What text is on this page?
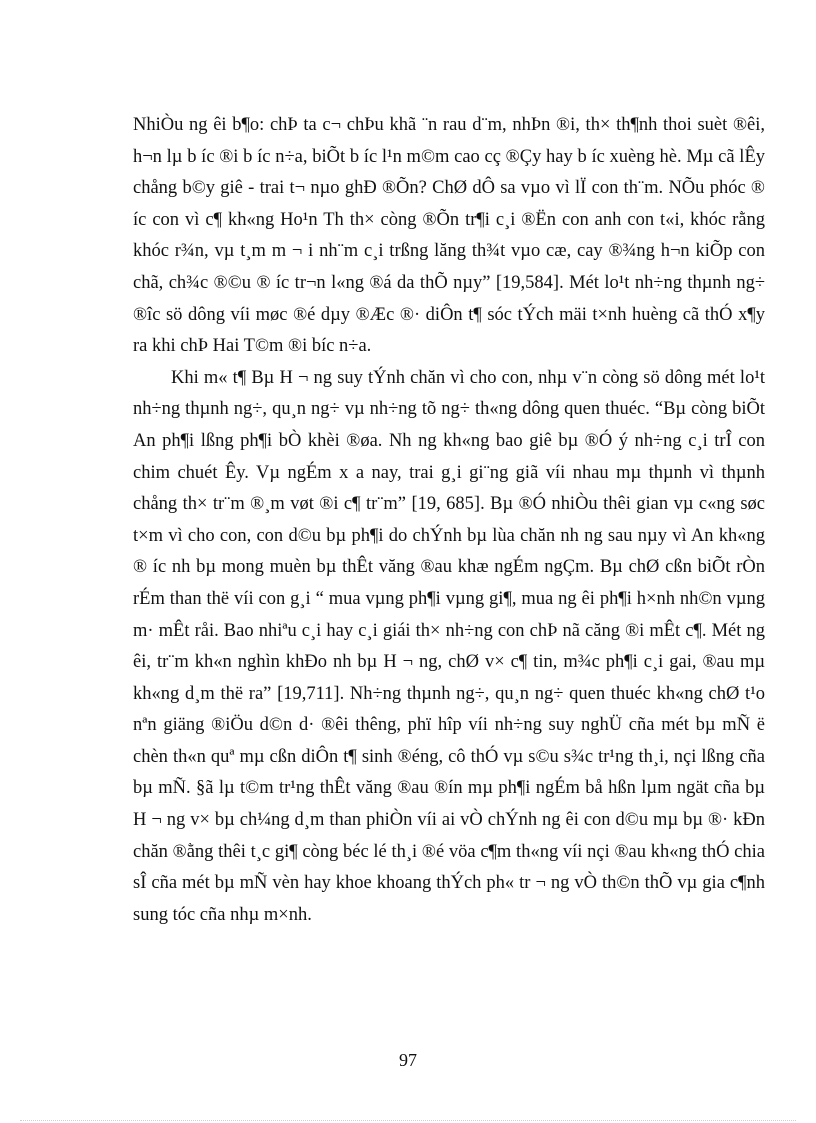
NhiÒu ng êi b¶o: chÞ ta c¬ chÞu khã ¨n rau d¨m, nhÞn ®i, th× th¶nh thoi suèt ®êi, h¬n lµ b íc ®i b íc n÷a, biÕt b íc l¹n m©m cao cç ®Çy hay b íc xuèng hè. Mµ cã lÊy chång b©y giê - trai t¬ nµo ghÐ ®Õn? ChØ dÔ sa vµo vì lÏ con th¨m. NÕu phóc ® íc con vì c¶ kh«ng Ho¹n Th th× còng ®Õn tr¶i c¸i ®Ën con anh con t«i, khóc rằng khóc r¾n, vµ t¸m m ¬ i nh¨m c¸i trßng lăng th¾t vµo cæ, cay ®¾ng h¬n kiÕp con chã, ch¾c ®©u ® íc tr¬n l«ng ®á da thÕ nµy” [19,584]. Mét lo¹t nh÷ng thµnh ng÷ ®îc sö dông víi møc ®é dµy ®Æc ®· diÔn t¶ sóc tÝch mäi t×nh huèng cã thÓ x¶y ra khi chÞ Hai T©m ®i bíc n÷a.

Khi m« t¶ Bµ H ¬ ng suy tÝnh chăn vì cho con, nhµ v¨n còng sö dông mét lo¹t nh÷ng thµnh ng÷, qu¸n ng÷ vµ nh÷ng tõ ng÷ th«ng dông quen thuéc. “Bµ còng biÕt An ph¶i lßng ph¶i bÒ khèi ®øa. Nh ng kh«ng bao giê bµ ®Ó ý nh÷ng c¸i trÎ con chim chuét Êy. Vµ ngÉm x a nay, trai g¸i gi¨ng giã víi nhau mµ thµnh vì thµnh chång th× tr¨m ®¸m vøt ®i c¶ tr¨m” [19, 685]. Bµ ®Ó nhiÒu thêi gian vµ c«ng søc t×m vì cho con, con d©u bµ ph¶i do chÝnh bµ lùa chăn nh ng sau nµy vì An kh«ng ® íc nh bµ mong muèn bµ thÊt văng ®au khæ ngÉm ngÇm. Bµ chØ cßn biÕt rÒn rÉm than thë víi con g¸i “ mua vµng ph¶i vµng gi¶, mua ng êi ph¶i h×nh nh©n vµng m· mÊt råi. Bao nhiªu c¸i hay c¸i giái th× nh÷ng con chÞ nã căng ®i mÊt c¶. Mét ng êi, tr¨m kh«n nghìn khÐo nh bµ H ¬ ng, chØ v× c¶ tin, m¾c ph¶i c¸i gai, ®au mµ kh«ng d¸m thë ra” [19,711]. Nh÷ng thµnh ng÷, qu¸n ng÷ quen thuéc kh«ng chØ t¹o nªn giäng ®iÖu d©n d· ®êi thêng, phï hîp víi nh÷ng suy nghÜ cña mét bµ mÑ ë chèn th«n quª mµ cßn diÔn t¶ sinh ®éng, cô thÓ vµ s©u s¾c tr¹ng th¸i, nçi lßng cña bµ mÑ. §ã lµ t©m tr¹ng thÊt văng ®au ®ín mµ ph¶i ngÉm bå hßn lµm ngät cña bµ H ¬ ng v× bµ ch¼ng d¸m than phiÒn víi ai vÒ chÝnh ng êi con d©u mµ bµ ®· kÐn chăn ®ằng thêi t¸c gi¶ còng béc lé th¸i ®é vöa c¶m th«ng víi nçi ®au kh«ng thÓ chia sÎ cña mét bµ mÑ vèn hay khoe khoang thÝch ph« tr ¬ ng vÒ th©n thÕ vµ gia c¶nh sung tóc cña nhµ m×nh.

97
